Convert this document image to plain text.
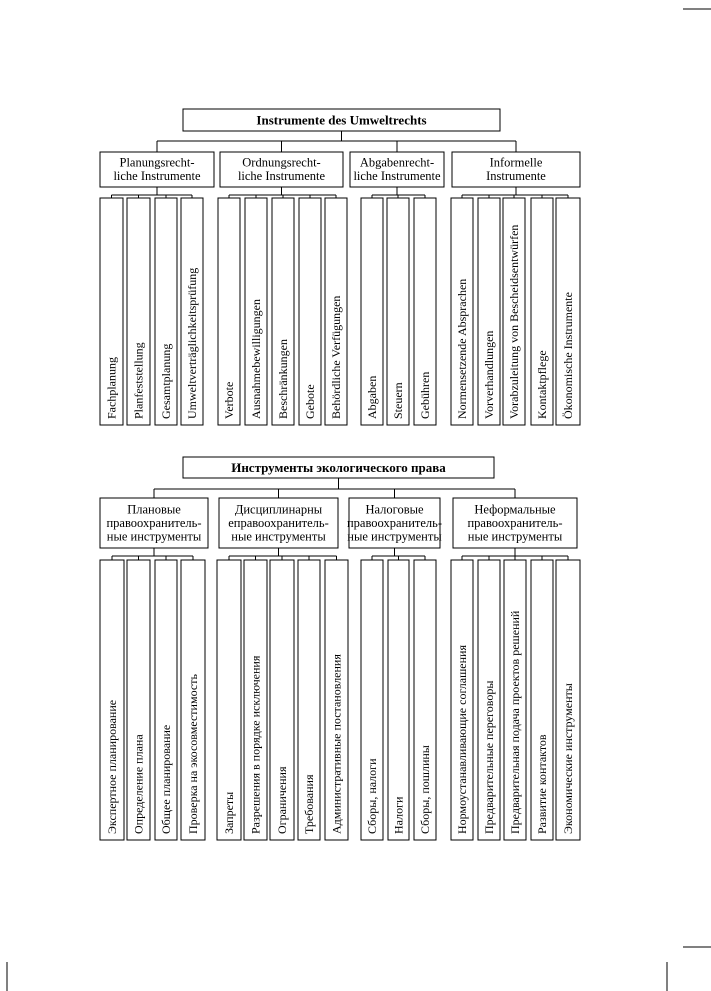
Instrumente des Umweltrechts
Planungsrecht-
liche Instrumente
Fachplanung Planfeststellung Gesamtplanung Umweltverträglichkeitsprüfung
Ordnungsrecht-
liche Instrumente
Verbote Ausnahmebewilligungen Beschränkungen Gebote Behördliche Verfügungen
Abgabenrecht-
liche Instrumente
Abgaben Steuern Gebühren
Informelle
Instrumente
Normensetzende Absprachen Vorverhandlungen Vorabzuleitung von Bescheidsentwürfen Kontaktpflege Ökonomische Instrumente
Инструменты экологического права
Плановые
правоохранитель-
ные инструменты
Экспертное планирование Определение плана Общее планирование Проверка на экосовместимость
Дисциплинарны
еправоохранитель-
ные инструменты
Запреты Разрешения в порядке исключения Ограничения Требования Административные постановления
Налоговые
правоохранитель-
ные инструменты
Сборы, налоги Налоги Сборы, пошлины
Неформальные
правоохранитель-
ные инструменты
Нормоустанавливающие соглашения Предварительные переговоры Предварительная подача проектов решений Развитие контактов Экономические инструменты
